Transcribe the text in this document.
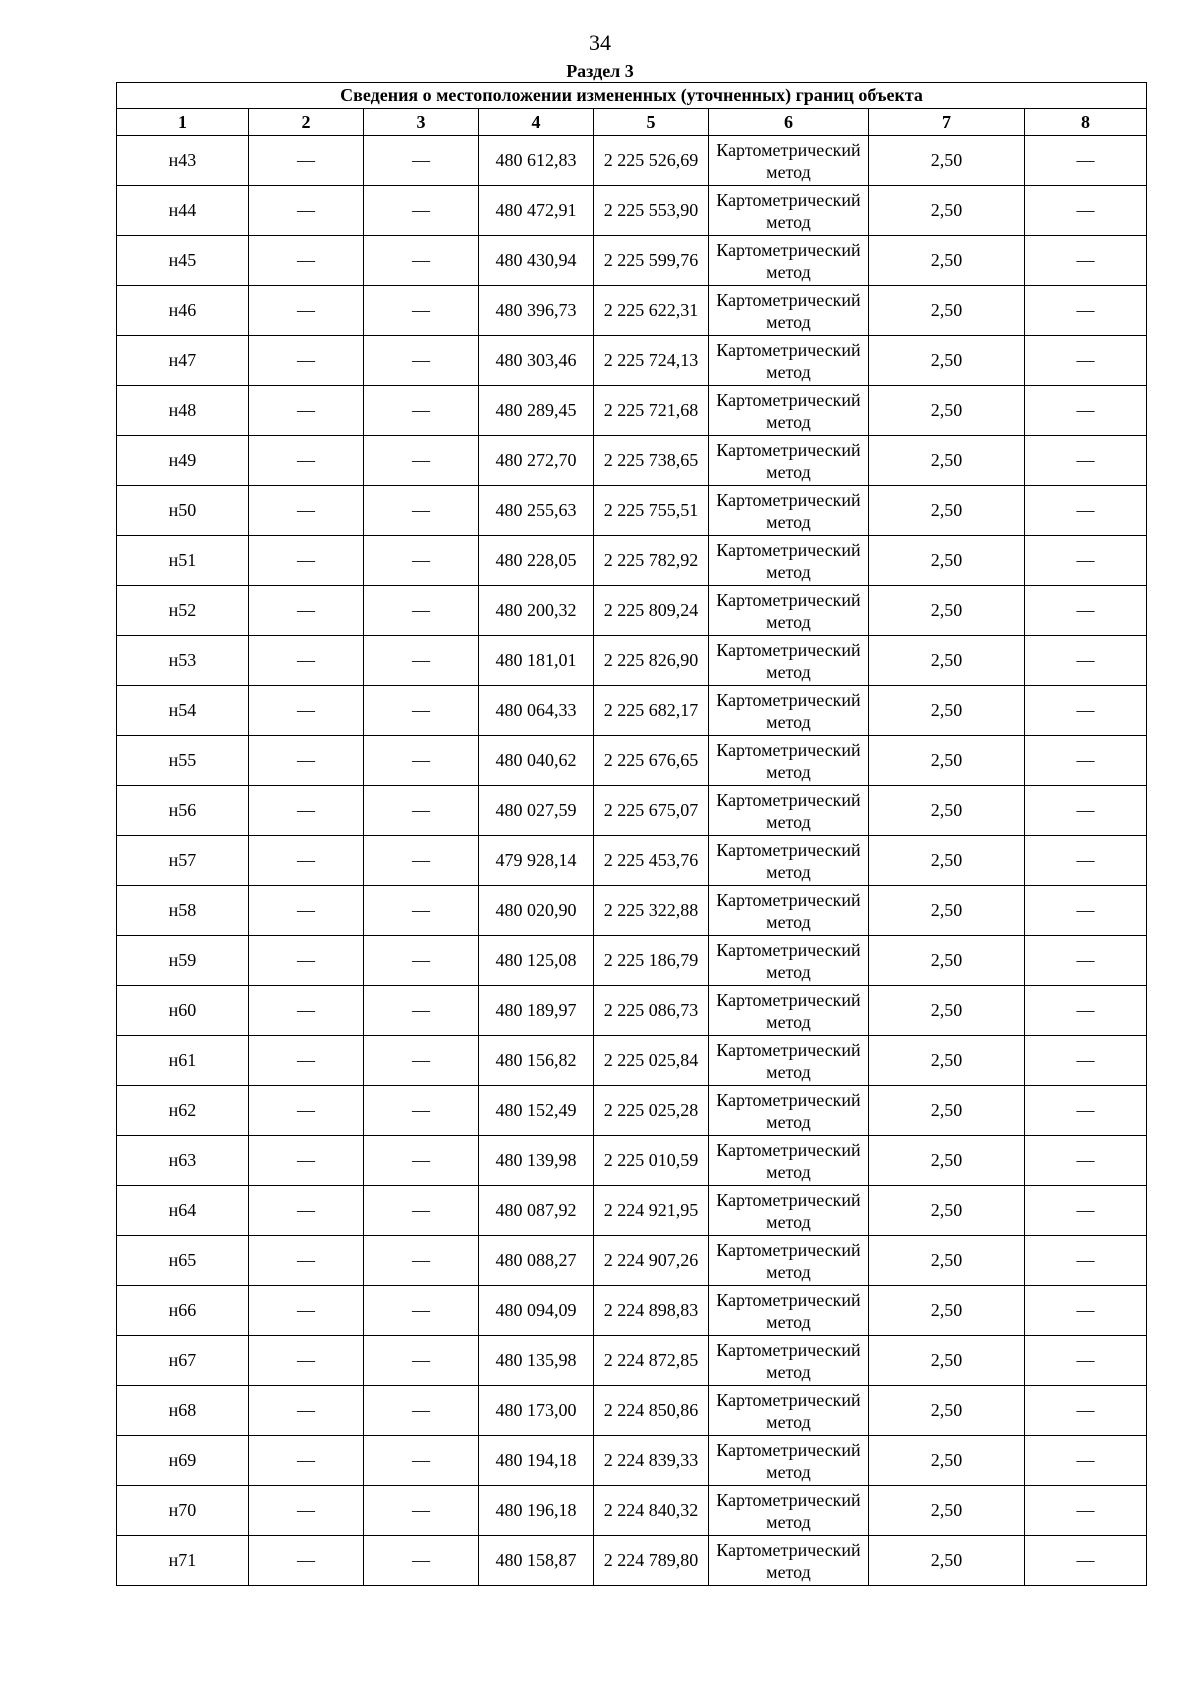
34
Раздел 3
Сведения о местоположении измененных (уточненных) границ объекта							
1	2	3	4	5	6	7	8
н43	—	—	480 612,83	2 225 526,69	Картометрический метод	2,50	—
н44	—	—	480 472,91	2 225 553,90	Картометрический метод	2,50	—
н45	—	—	480 430,94	2 225 599,76	Картометрический метод	2,50	—
н46	—	—	480 396,73	2 225 622,31	Картометрический метод	2,50	—
н47	—	—	480 303,46	2 225 724,13	Картометрический метод	2,50	—
н48	—	—	480 289,45	2 225 721,68	Картометрический метод	2,50	—
н49	—	—	480 272,70	2 225 738,65	Картометрический метод	2,50	—
н50	—	—	480 255,63	2 225 755,51	Картометрический метод	2,50	—
н51	—	—	480 228,05	2 225 782,92	Картометрический метод	2,50	—
н52	—	—	480 200,32	2 225 809,24	Картометрический метод	2,50	—
н53	—	—	480 181,01	2 225 826,90	Картометрический метод	2,50	—
н54	—	—	480 064,33	2 225 682,17	Картометрический метод	2,50	—
н55	—	—	480 040,62	2 225 676,65	Картометрический метод	2,50	—
н56	—	—	480 027,59	2 225 675,07	Картометрический метод	2,50	—
н57	—	—	479 928,14	2 225 453,76	Картометрический метод	2,50	—
н58	—	—	480 020,90	2 225 322,88	Картометрический метод	2,50	—
н59	—	—	480 125,08	2 225 186,79	Картометрический метод	2,50	—
н60	—	—	480 189,97	2 225 086,73	Картометрический метод	2,50	—
н61	—	—	480 156,82	2 225 025,84	Картометрический метод	2,50	—
н62	—	—	480 152,49	2 225 025,28	Картометрический метод	2,50	—
н63	—	—	480 139,98	2 225 010,59	Картометрический метод	2,50	—
н64	—	—	480 087,92	2 224 921,95	Картометрический метод	2,50	—
н65	—	—	480 088,27	2 224 907,26	Картометрический метод	2,50	—
н66	—	—	480 094,09	2 224 898,83	Картометрический метод	2,50	—
н67	—	—	480 135,98	2 224 872,85	Картометрический метод	2,50	—
н68	—	—	480 173,00	2 224 850,86	Картометрический метод	2,50	—
н69	—	—	480 194,18	2 224 839,33	Картометрический метод	2,50	—
н70	—	—	480 196,18	2 224 840,32	Картометрический метод	2,50	—
н71	—	—	480 158,87	2 224 789,80	Картометрический метод	2,50	—
